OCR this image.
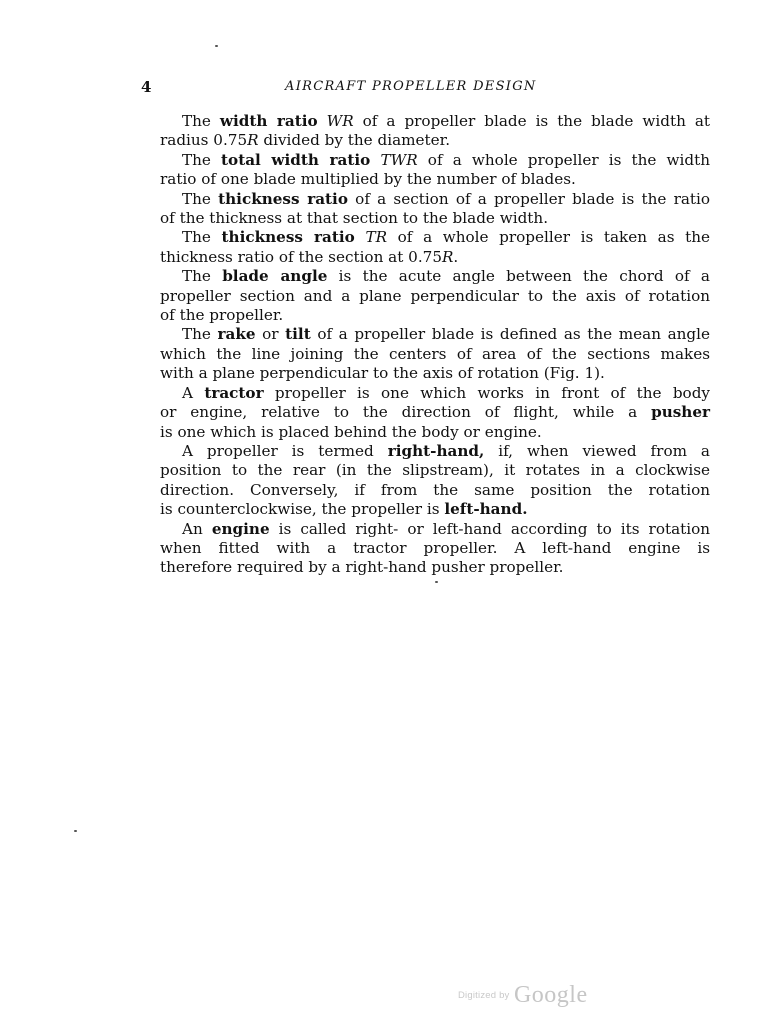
4	AIRCRAFT PROPELLER DESIGN
The width ratio WR of a propeller blade is the blade width at
radius 0.75R divided by the diameter.
The total width ratio TWR of a whole propeller is the width
ratio of one blade multiplied by the number of blades.
The thickness ratio of a section of a propeller blade is the ratio
of the thickness at that section to the blade width.
The thickness ratio TR of a whole propeller is taken as the
thickness ratio of the section at 0.75R.
The blade angle is the acute angle between the chord of a
propeller section and a plane perpendicular to the axis of rotation
of the propeller.
The rake or tilt of a propeller blade is defined as the mean angle
which the line joining the centers of area of the sections makes
with a plane perpendicular to the axis of rotation (Fig. 1).
A tractor propeller is one which works in front of the body
or engine, relative to the direction of flight, while a pusher
is one which is placed behind the body or engine.
A propeller is termed right-hand, if, when viewed from a
position to the rear (in the slipstream), it rotates in a clockwise
direction. Conversely, if from the same position the rotation
is counterclockwise, the propeller is left-hand.
An engine is called right- or left-hand according to its rotation
when fitted with a tractor propeller. A left-hand engine is
therefore required by a right-hand pusher propeller.
Digitized by Google
